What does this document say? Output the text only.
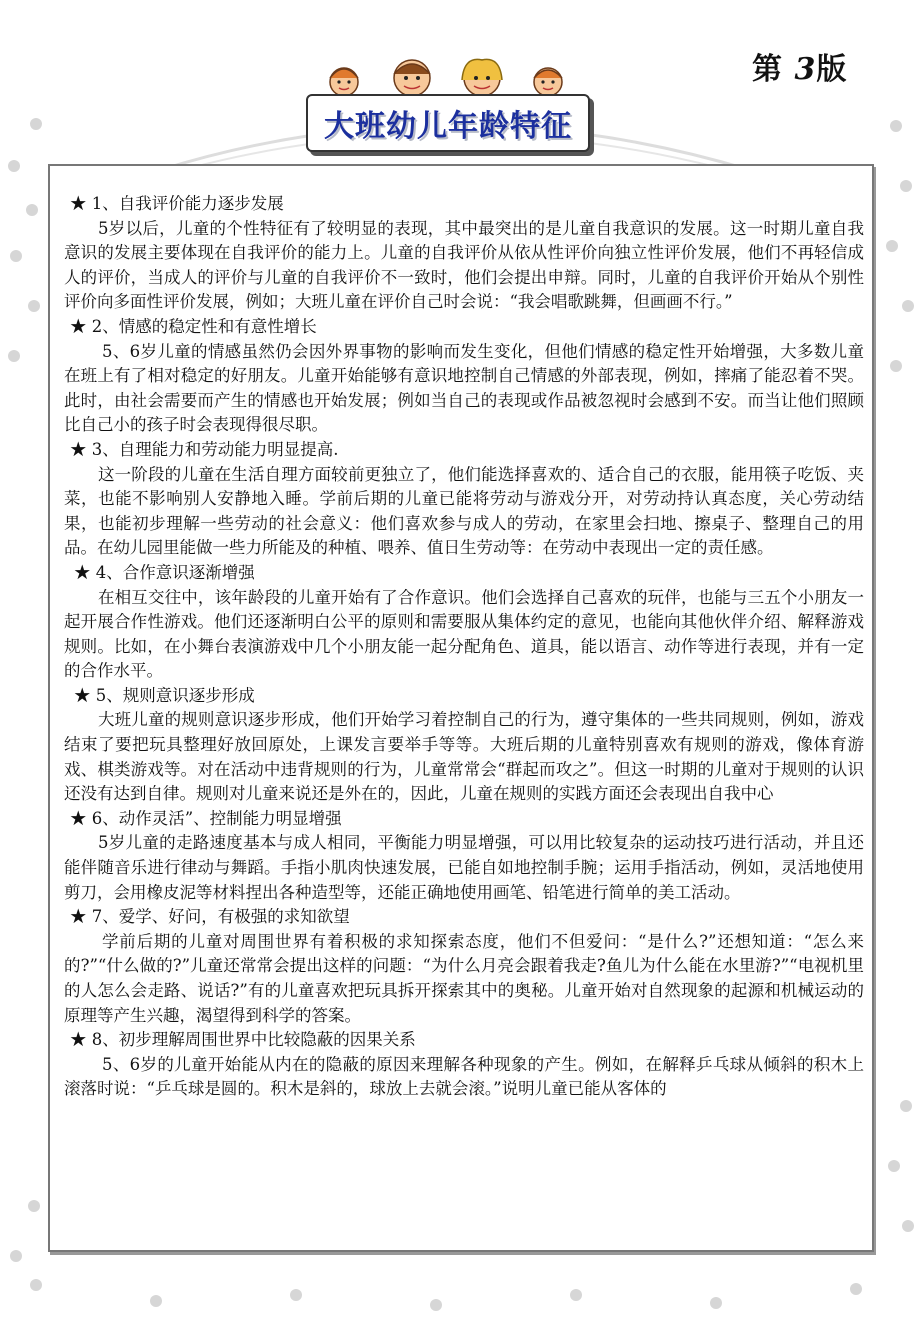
第 3版
大班幼儿年龄特征

★ 1、自我评价能力逐步发展

5岁以后，儿童的个性特征有了较明显的表现，其中最突出的是儿童自我意识的发展。这一时期儿童自我意识的发展主要体现在自我评价的能力上。儿童的自我评价从依从性评价向独立性评价发展，他们不再轻信成人的评价，当成人的评价与儿童的自我评价不一致时，他们会提出申辩。同时，儿童的自我评价开始从个别性评价向多面性评价发展，例如；大班儿童在评价自己时会说：“我会唱歌跳舞，但画画不行。”

★ 2、情感的稳定性和有意性增长

5、6岁儿童的情感虽然仍会因外界事物的影响而发生变化，但他们情感的稳定性开始增强，大多数儿童在班上有了相对稳定的好朋友。儿童开始能够有意识地控制自己情感的外部表现，例如，摔痛了能忍着不哭。此时，由社会需要而产生的情感也开始发展；例如当自己的表现或作品被忽视时会感到不安。而当让他们照顾比自己小的孩子时会表现得很尽职。

★ 3、自理能力和劳动能力明显提高.

这一阶段的儿童在生活自理方面较前更独立了，他们能选择喜欢的、适合自己的衣服，能用筷子吃饭、夹菜，也能不影响别人安静地入睡。学前后期的儿童已能将劳动与游戏分开，对劳动持认真态度，关心劳动结果，也能初步理解一些劳动的社会意义：他们喜欢参与成人的劳动，在家里会扫地、擦桌子、整理自己的用品。在幼儿园里能做一些力所能及的种植、喂养、值日生劳动等：在劳动中表现出一定的责任感。

★ 4、合作意识逐渐增强

在相互交往中，该年龄段的儿童开始有了合作意识。他们会选择自己喜欢的玩伴，也能与三五个小朋友一起开展合作性游戏。他们还逐渐明白公平的原则和需要服从集体约定的意见，也能向其他伙伴介绍、解释游戏规则。比如，在小舞台表演游戏中几个小朋友能一起分配角色、道具，能以语言、动作等进行表现，并有一定的合作水平。

★ 5、规则意识逐步形成

大班儿童的规则意识逐步形成，他们开始学习着控制自己的行为，遵守集体的一些共同规则，例如，游戏结束了要把玩具整理好放回原处，上课发言要举手等等。大班后期的儿童特别喜欢有规则的游戏，像体育游戏、棋类游戏等。对在活动中违背规则的行为，儿童常常会“群起而攻之”。但这一时期的儿童对于规则的认识还没有达到自律。规则对儿童来说还是外在的，因此，儿童在规则的实践方面还会表现出自我中心

★ 6、动作灵活”、控制能力明显增强

5岁儿童的走路速度基本与成人相同，平衡能力明显增强，可以用比较复杂的运动技巧进行活动，并且还能伴随音乐进行律动与舞蹈。手指小肌肉快速发展，已能自如地控制手腕；运用手指活动，例如，灵活地使用剪刀，会用橡皮泥等材料捏出各种造型等，还能正确地使用画笔、铅笔进行简单的美工活动。

★ 7、爱学、好问，有极强的求知欲望

学前后期的儿童对周围世界有着积极的求知探索态度，他们不但爱问：“是什么?”还想知道：“怎么来的?”“什么做的?”儿童还常常会提出这样的问题：“为什么月亮会跟着我走?鱼儿为什么能在水里游?”“电视机里的人怎么会走路、说话?”有的儿童喜欢把玩具拆开探索其中的奥秘。儿童开始对自然现象的起源和机械运动的原理等产生兴趣，渴望得到科学的答案。

★ 8、初步理解周围世界中比较隐蔽的因果关系

5、6岁的儿童开始能从内在的隐蔽的原因来理解各种现象的产生。例如，在解释乒乓球从倾斜的积木上滚落时说：“乒乓球是圆的。积木是斜的，球放上去就会滚。”说明儿童已能从客体的
